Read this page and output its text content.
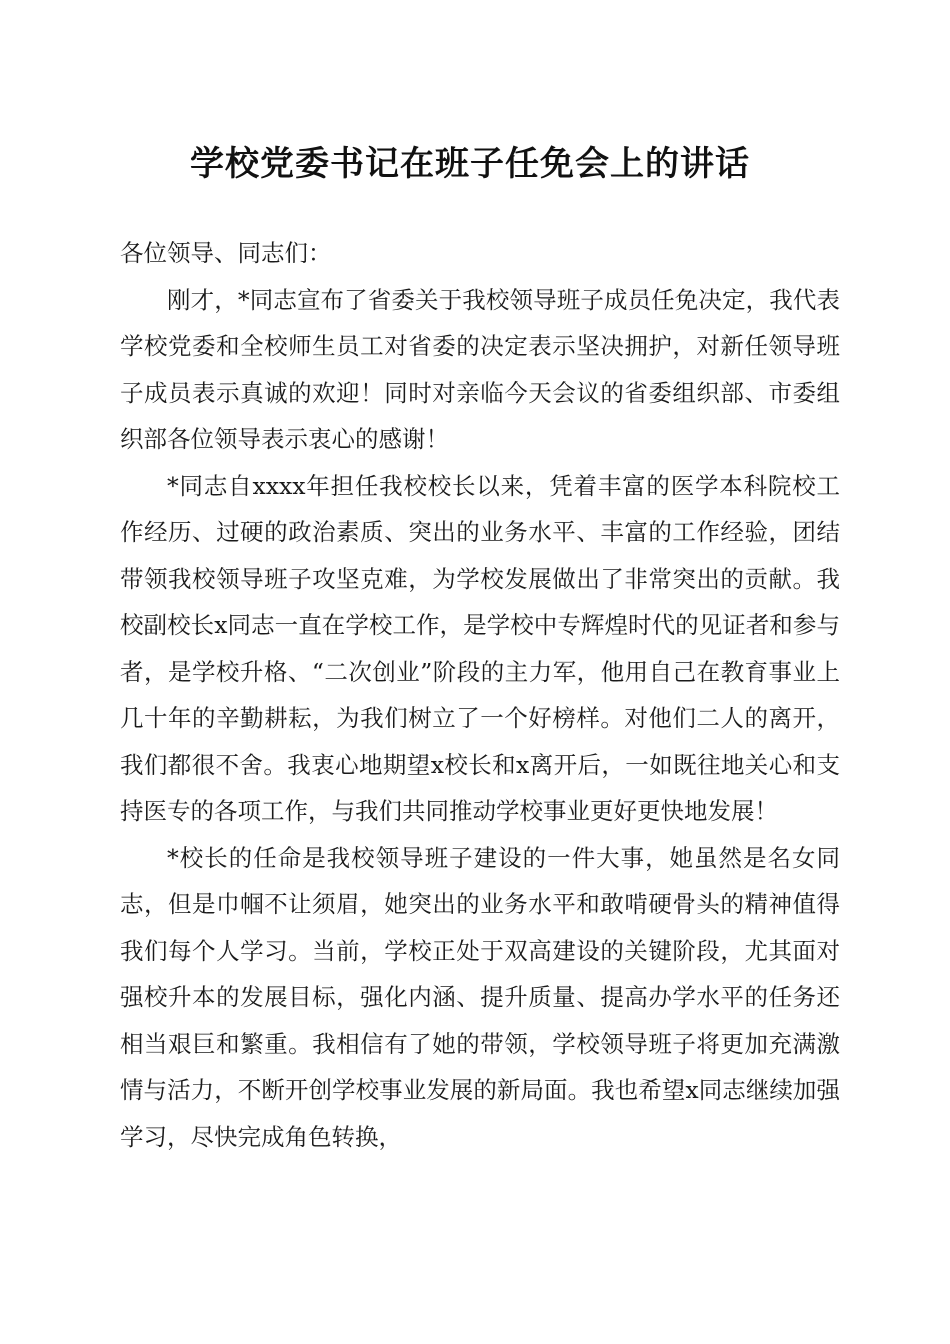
学校党委书记在班子任免会上的讲话

各位领导、同志们：

刚才，*同志宣布了省委关于我校领导班子成员任免决定，我代表学校党委和全校师生员工对省委的决定表示坚决拥护，对新任领导班子成员表示真诚的欢迎！同时对亲临今天会议的省委组织部、市委组织部各位领导表示衷心的感谢！

*同志自xxxx年担任我校校长以来，凭着丰富的医学本科院校工作经历、过硬的政治素质、突出的业务水平、丰富的工作经验，团结带领我校领导班子攻坚克难，为学校发展做出了非常突出的贡献。我校副校长x同志一直在学校工作，是学校中专辉煌时代的见证者和参与者，是学校升格、“二次创业”阶段的主力军，他用自己在教育事业上几十年的辛勤耕耘，为我们树立了一个好榜样。对他们二人的离开，我们都很不舍。我衷心地期望x校长和x离开后，一如既往地关心和支持医专的各项工作，与我们共同推动学校事业更好更快地发展！

*校长的任命是我校领导班子建设的一件大事，她虽然是名女同志，但是巾帼不让须眉，她突出的业务水平和敢啃硬骨头的精神值得我们每个人学习。当前，学校正处于双高建设的关键阶段，尤其面对强校升本的发展目标，强化内涵、提升质量、提高办学水平的任务还相当艰巨和繁重。我相信有了她的带领，学校领导班子将更加充满激情与活力，不断开创学校事业发展的新局面。我也希望x同志继续加强学习，尽快完成角色转换，
